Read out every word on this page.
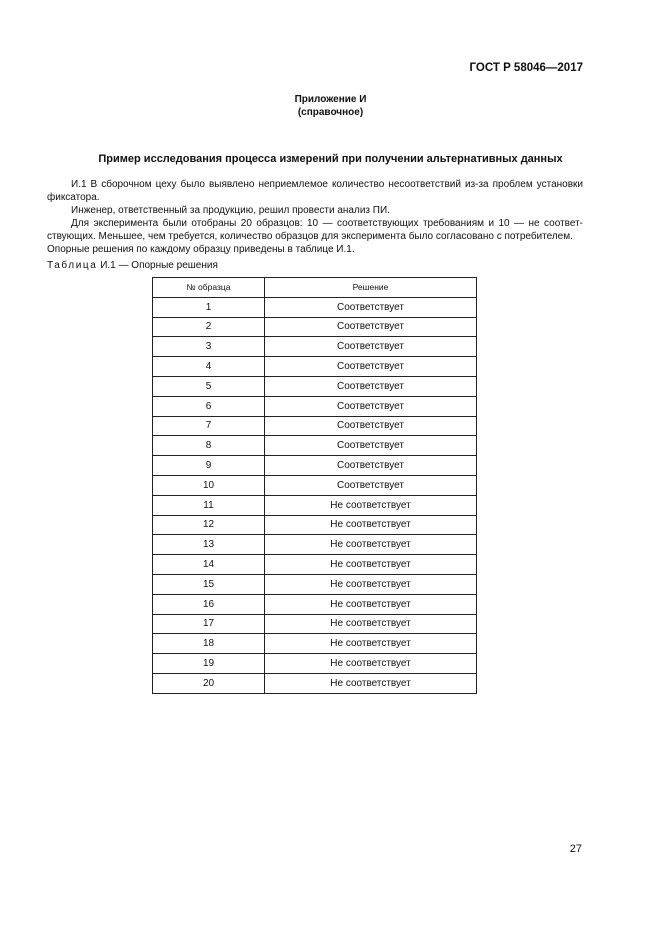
ГОСТ Р 58046—2017
Приложение И
(справочное)
Пример исследования процесса измерений при получении альтернативных данных

И.1 В сборочном цеху было выявлено неприемлемое количество несоответствий из-за проблем установки фиксатора.

Инженер, ответственный за продукцию, решил провести анализ ПИ.

Для эксперимента были отобраны 20 образцов: 10 — соответствующих требованиям и 10 — не соответ-ствующих. Меньшее, чем требуется, количество образцов для эксперимента было согласовано с потребителем.

Опорные решения по каждому образцу приведены в таблице И.1.

Таблица И.1 — Опорные решения
№ образца	Решение
1	Соответствует
2	Соответствует
3	Соответствует
4	Соответствует
5	Соответствует
6	Соответствует
7	Соответствует
8	Соответствует
9	Соответствует
10	Соответствует
11	Не соответствует
12	Не соответствует
13	Не соответствует
14	Не соответствует
15	Не соответствует
16	Не соответствует
17	Не соответствует
18	Не соответствует
19	Не соответствует
20	Не соответствует
27
